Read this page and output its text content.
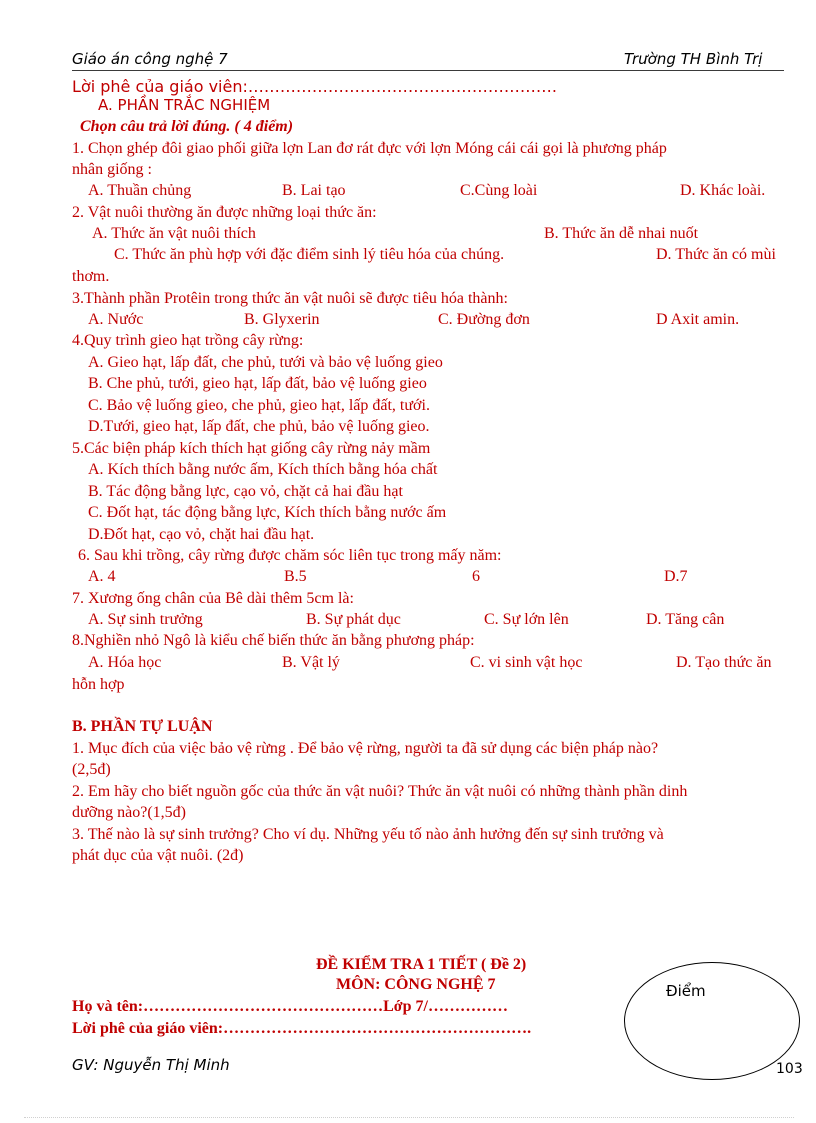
Giáo án công nghệ 7	Trường TH Bình Trị
Lời phê của giáo viên:………………………………………………….
A. PHẦN TRẮC NGHIỆM
Chọn câu trả lời đúng. ( 4 điểm)
1. Chọn ghép đôi giao phối giữa lợn Lan đơ rát đực với lợn Móng cái cái gọi là phương pháp
nhân giống :
A. Thuần chủng	B. Lai tạo	C.Cùng loài	D. Khác loài.
2. Vật nuôi thường ăn được những loại thức ăn:
A. Thức ăn vật nuôi thích	B. Thức ăn dễ nhai nuốt
C. Thức ăn phù hợp với đặc điểm sinh lý tiêu hóa của chúng.	D. Thức ăn có mùi
thơm.
3.Thành phần Protêin trong thức ăn vật nuôi sẽ được tiêu hóa thành:
A. Nước	B. Glyxerin	C. Đường đơn	D Axit amin.
4.Quy trình gieo hạt trồng cây rừng:
A. Gieo hạt, lấp đất, che phủ, tưới và bảo vệ luống gieo
B. Che phủ, tưới, gieo hạt, lấp đất, bảo vệ luống gieo
C. Bảo vệ luống gieo, che phủ, gieo hạt, lấp đất, tưới.
D.Tưới, gieo hạt, lấp đất, che phủ, bảo vệ luống gieo.
5.Các biện pháp kích thích hạt giống cây rừng nảy mầm
A. Kích thích bằng nước ấm, Kích thích bằng hóa chất
B. Tác động bằng lực, cạo vỏ, chặt cả hai đầu hạt
C. Đốt hạt, tác động bằng lực, Kích thích bằng nước ấm
D.Đốt hạt, cạo vỏ, chặt hai đầu hạt.
6. Sau khi trồng, cây rừng được chăm sóc liên tục trong mấy năm:
A. 4	B.5	6	D.7
7. Xương ống chân của Bê dài thêm 5cm là:
A. Sự sinh trưởng	B. Sự phát dục	C. Sự lớn lên	D. Tăng cân
8.Nghiền nhỏ Ngô là kiểu chế biến thức ăn bằng phương pháp:
A. Hóa học	B. Vật lý	C. vi sinh vật học	D. Tạo thức ăn
hỗn hợp
B. PHẦN TỰ LUẬN
1. Mục đích của việc bảo vệ rừng . Để bảo vệ rừng, người ta đã sử dụng các biện pháp nào?
(2,5đ)
2. Em hãy cho biết nguồn gốc của thức ăn vật nuôi? Thức ăn vật nuôi có những thành phần dinh
dưỡng nào?(1,5đ)
3. Thế nào là sự sinh trưởng? Cho ví dụ. Những yếu tố nào ảnh hưởng đến sự sinh trưởng và
phát dục của vật nuôi. (2đ)
ĐỀ KIỂM TRA 1 TIẾT ( Đề 2)
MÔN: CÔNG NGHỆ 7	Điểm
Họ và tên:………………………………………Lớp 7/……………
Lời phê của giáo viên:………………………………………………….
GV: Nguyễn Thị Minh	103
